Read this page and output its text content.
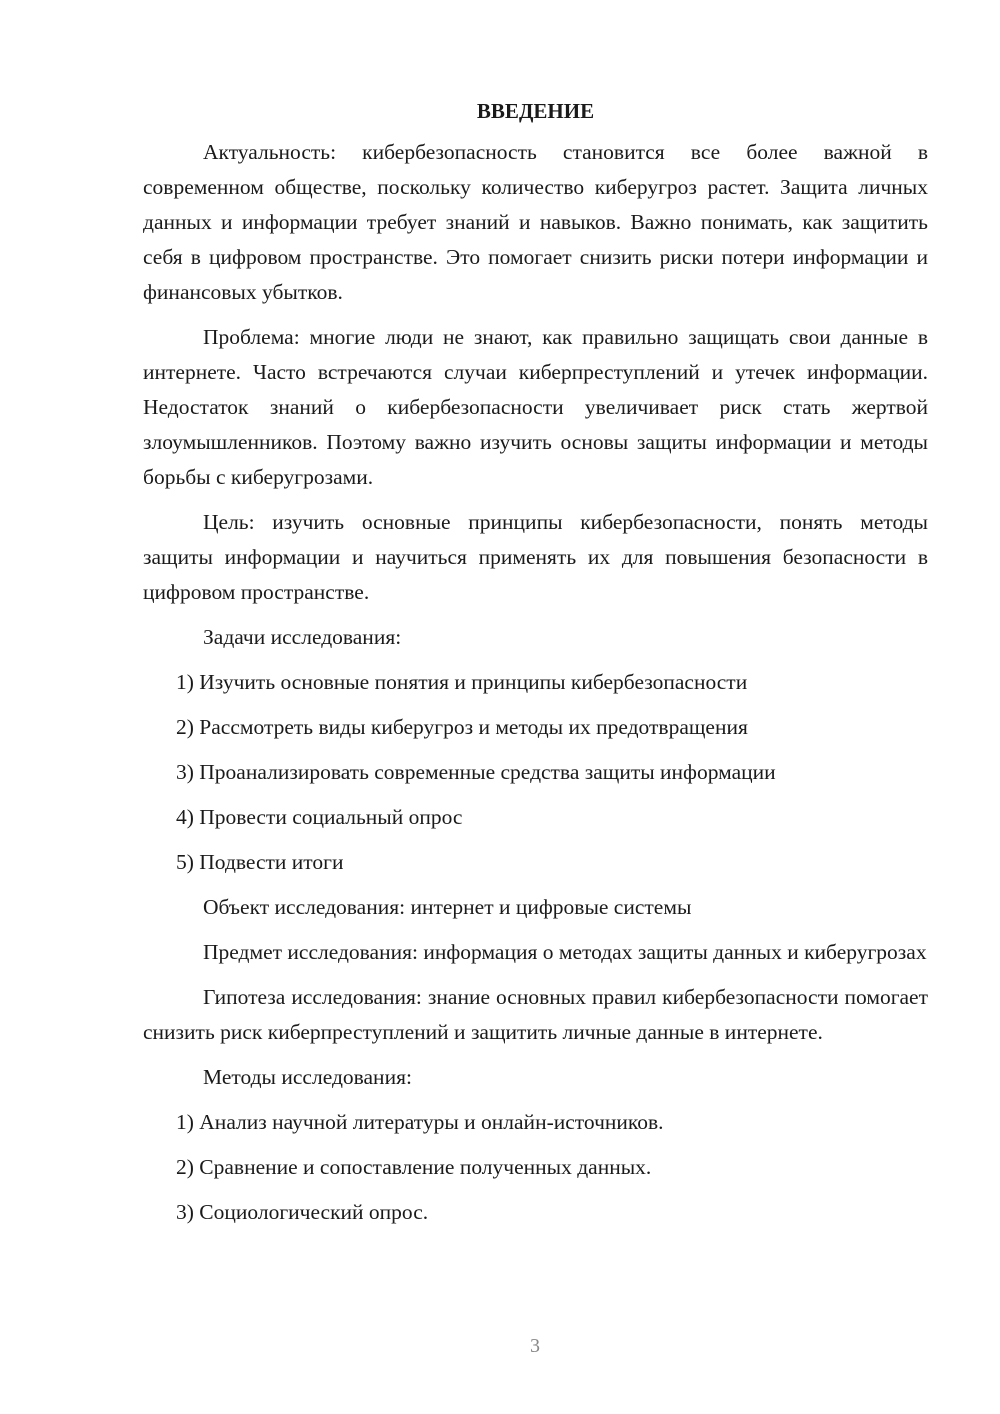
ВВЕДЕНИЕ
Актуальность: кибербезопасность становится все более важной в современном обществе, поскольку количество киберугроз растет. Защита личных данных и информации требует знаний и навыков. Важно понимать, как защитить себя в цифровом пространстве. Это помогает снизить риски потери информации и финансовых убытков.
Проблема: многие люди не знают, как правильно защищать свои данные в интернете. Часто встречаются случаи киберпреступлений и утечек информации. Недостаток знаний о кибербезопасности увеличивает риск стать жертвой злоумышленников. Поэтому важно изучить основы защиты информации и методы борьбы с киберугрозами.
Цель: изучить основные принципы кибербезопасности, понять методы защиты информации и научиться применять их для повышения безопасности в цифровом пространстве.
Задачи исследования:
1) Изучить основные понятия и принципы кибербезопасности
2) Рассмотреть виды киберугроз и методы их предотвращения
3) Проанализировать современные средства защиты информации
4) Провести социальный опрос
5) Подвести итоги
Объект исследования: интернет и цифровые системы
Предмет исследования: информация о методах защиты данных и киберугрозах
Гипотеза исследования: знание основных правил кибербезопасности помогает снизить риск киберпреступлений и защитить личные данные в интернете.
Методы исследования:
1) Анализ научной литературы и онлайн-источников.
2) Сравнение и сопоставление полученных данных.
3) Социологический опрос.
3
